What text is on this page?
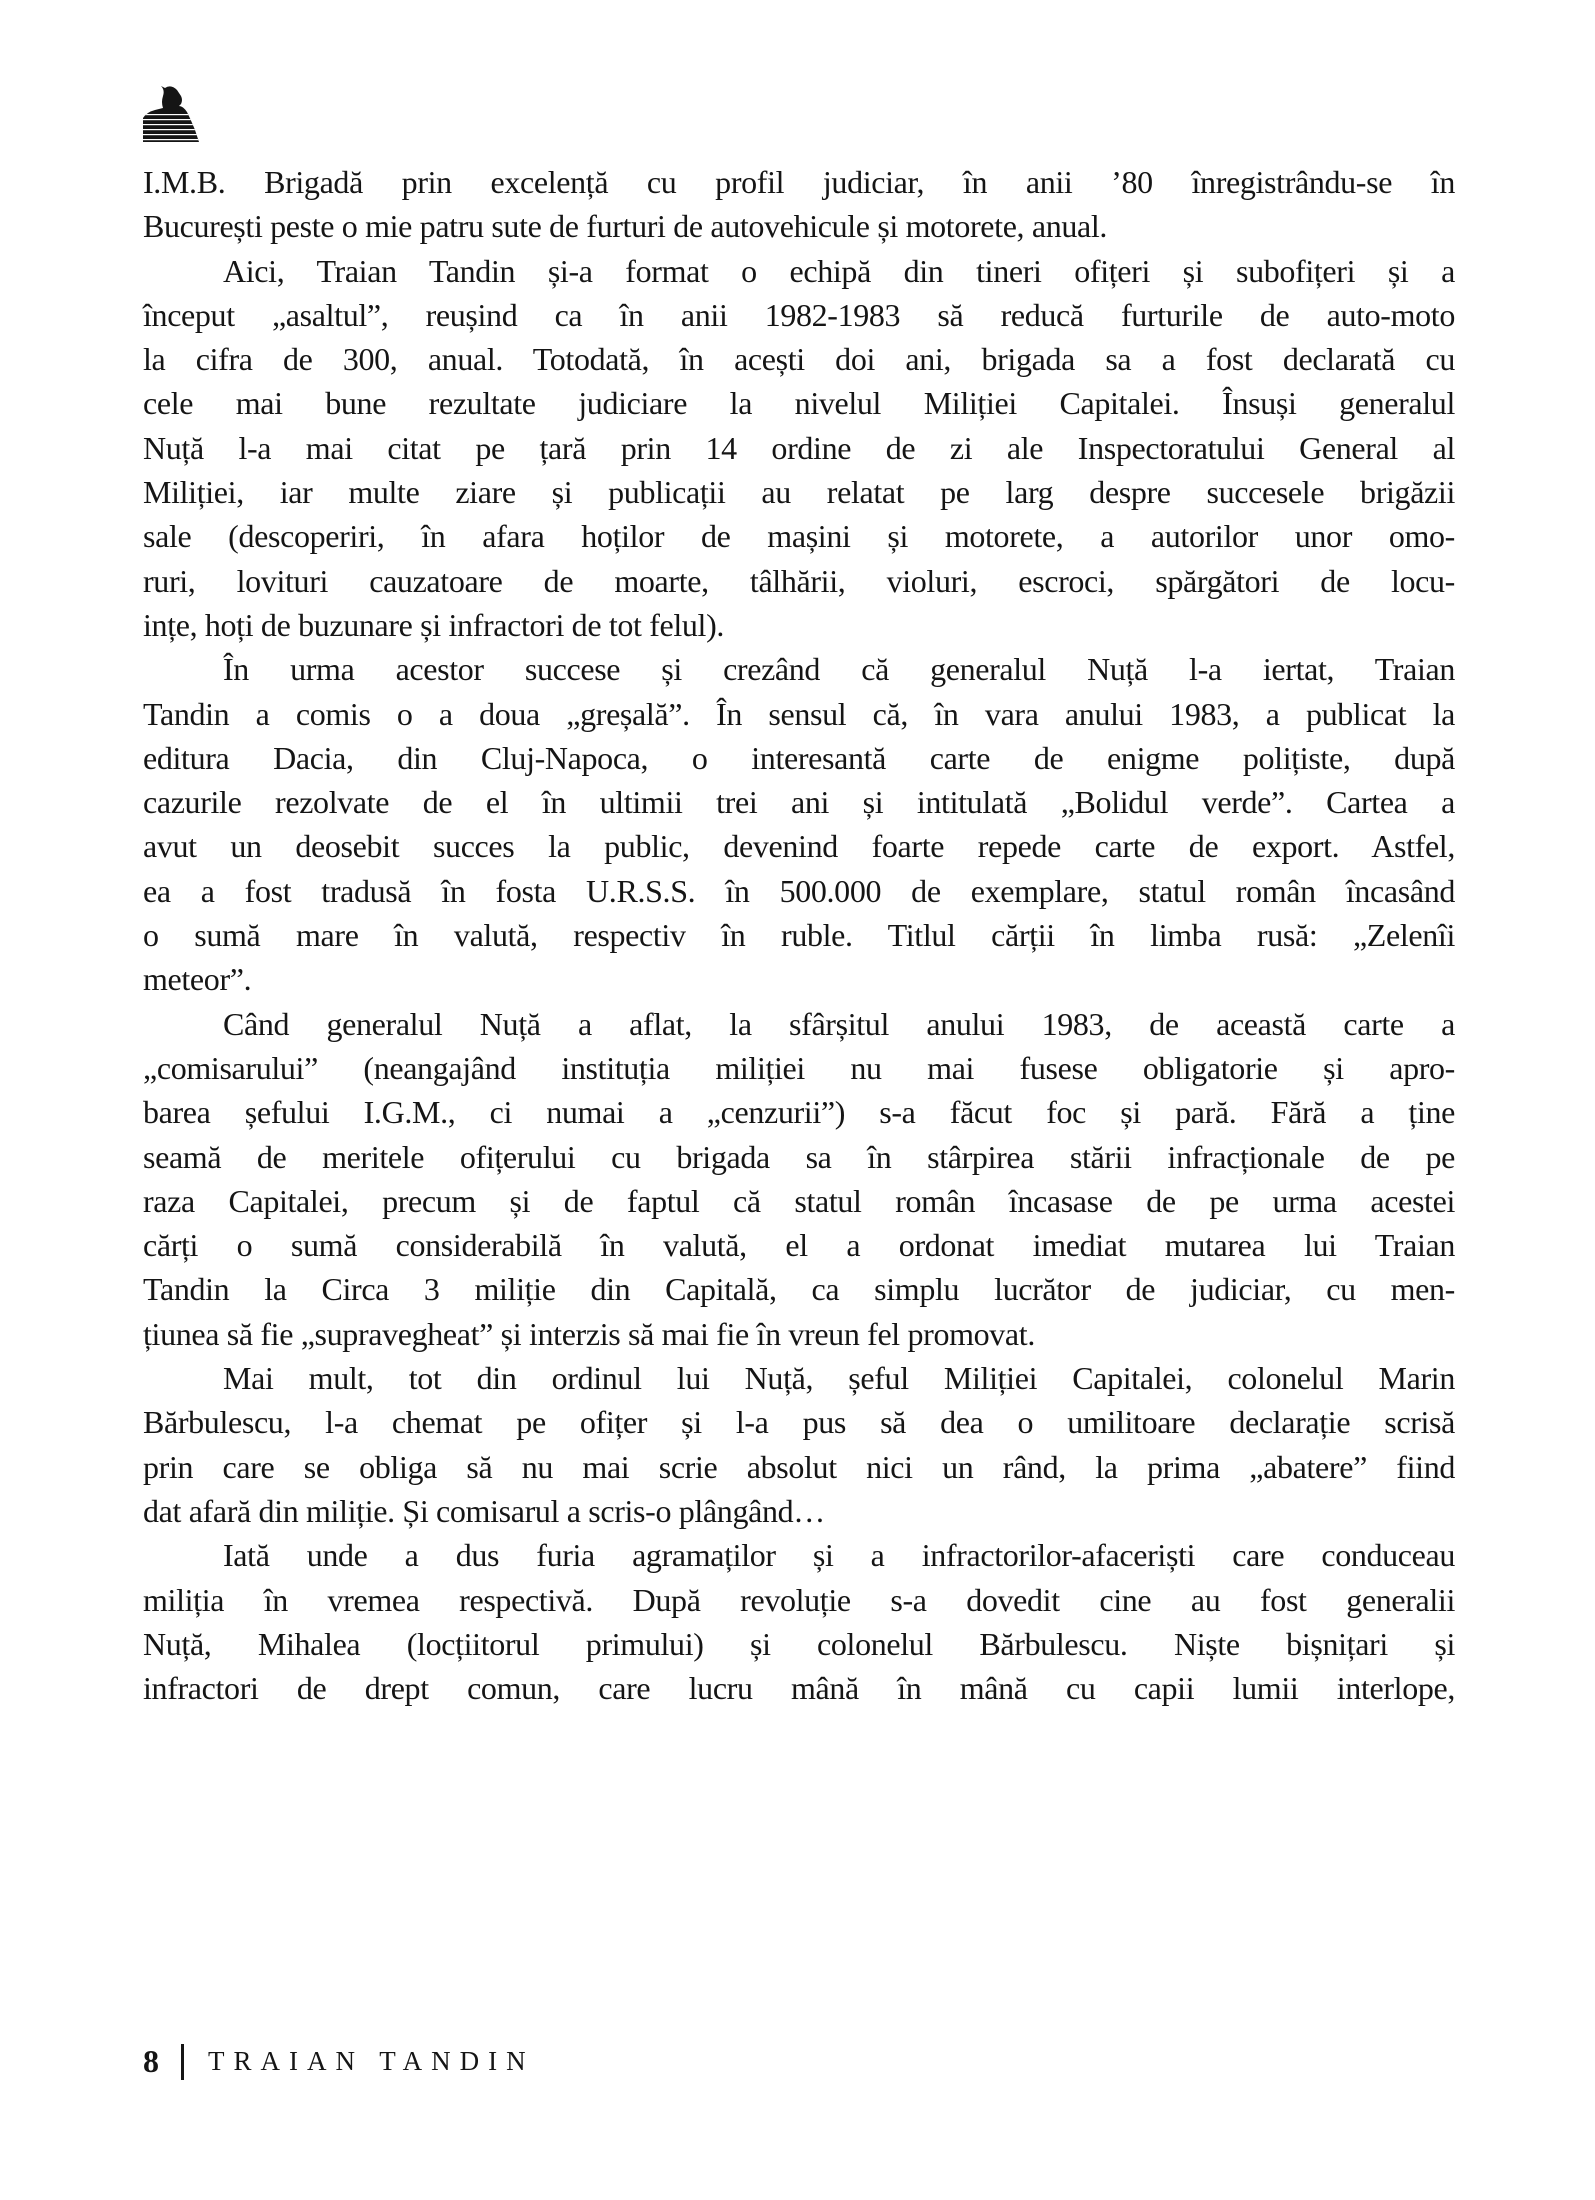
I.M.B. Brigadă prin excelență cu profil judiciar, în anii ’80 înregistrându-se în
București peste o mie patru sute de furturi de autovehicule și motorete, anual.
Aici, Traian Tandin și-a format o echipă din tineri ofițeri și subofițeri și a
început „asaltul”, reușind ca în anii 1982-1983 să reducă furturile de auto-moto
la cifra de 300, anual. Totodată, în acești doi ani, brigada sa a fost declarată cu
cele mai bune rezultate judiciare la nivelul Miliției Capitalei. Însuși generalul
Nuță l-a mai citat pe țară prin 14 ordine de zi ale Inspectoratului General al
Miliției, iar multe ziare și publicații au relatat pe larg despre succesele brigăzii
sale (descoperiri, în afara hoților de mașini și motorete, a autorilor unor omo-
ruri, lovituri cauzatoare de moarte, tâlhării, violuri, escroci, spărgători de locu-
ințe, hoți de buzunare și infractori de tot felul).
În urma acestor succese și crezând că generalul Nuță l-a iertat, Traian
Tandin a comis o a doua „greșală”. În sensul că, în vara anului 1983, a publicat la
editura Dacia, din Cluj-Napoca, o interesantă carte de enigme polițiste, după
cazurile rezolvate de el în ultimii trei ani și intitulată „Bolidul verde”. Cartea a
avut un deosebit succes la public, devenind foarte repede carte de export. Astfel,
ea a fost tradusă în fosta U.R.S.S. în 500.000 de exemplare, statul român încasând
o sumă mare în valută, respectiv în ruble. Titlul cărții în limba rusă: „Zelenîi
meteor”.
Când generalul Nuță a aflat, la sfârșitul anului 1983, de această carte a
„comisarului” (neangajând instituția miliției nu mai fusese obligatorie și apro-
barea șefului I.G.M., ci numai a „cenzurii”) s-a făcut foc și pară. Fără a ține
seamă de meritele ofițerului cu brigada sa în stârpirea stării infracționale de pe
raza Capitalei, precum și de faptul că statul român încasase de pe urma acestei
cărți o sumă considerabilă în valută, el a ordonat imediat mutarea lui Traian
Tandin la Circa 3 miliție din Capitală, ca simplu lucrător de judiciar, cu men-
țiunea să fie „supravegheat” și interzis să mai fie în vreun fel promovat.
Mai mult, tot din ordinul lui Nuță, șeful Miliției Capitalei, colonelul Marin
Bărbulescu, l-a chemat pe ofițer și l-a pus să dea o umilitoare declarație scrisă
prin care se obliga să nu mai scrie absolut nici un rând, la prima „abatere” fiind
dat afară din miliție. Și comisarul a scris-o plângând…
Iată unde a dus furia agramaților și a infractorilor-afaceriști care conduceau
miliția în vremea respectivă. După revoluție s-a dovedit cine au fost generalii
Nuță, Mihalea (locțiitorul primului) și colonelul Bărbulescu. Niște bișnițari și
infractori de drept comun, care lucru mână în mână cu capii lumii interlope,
8 TRAIAN TANDIN
